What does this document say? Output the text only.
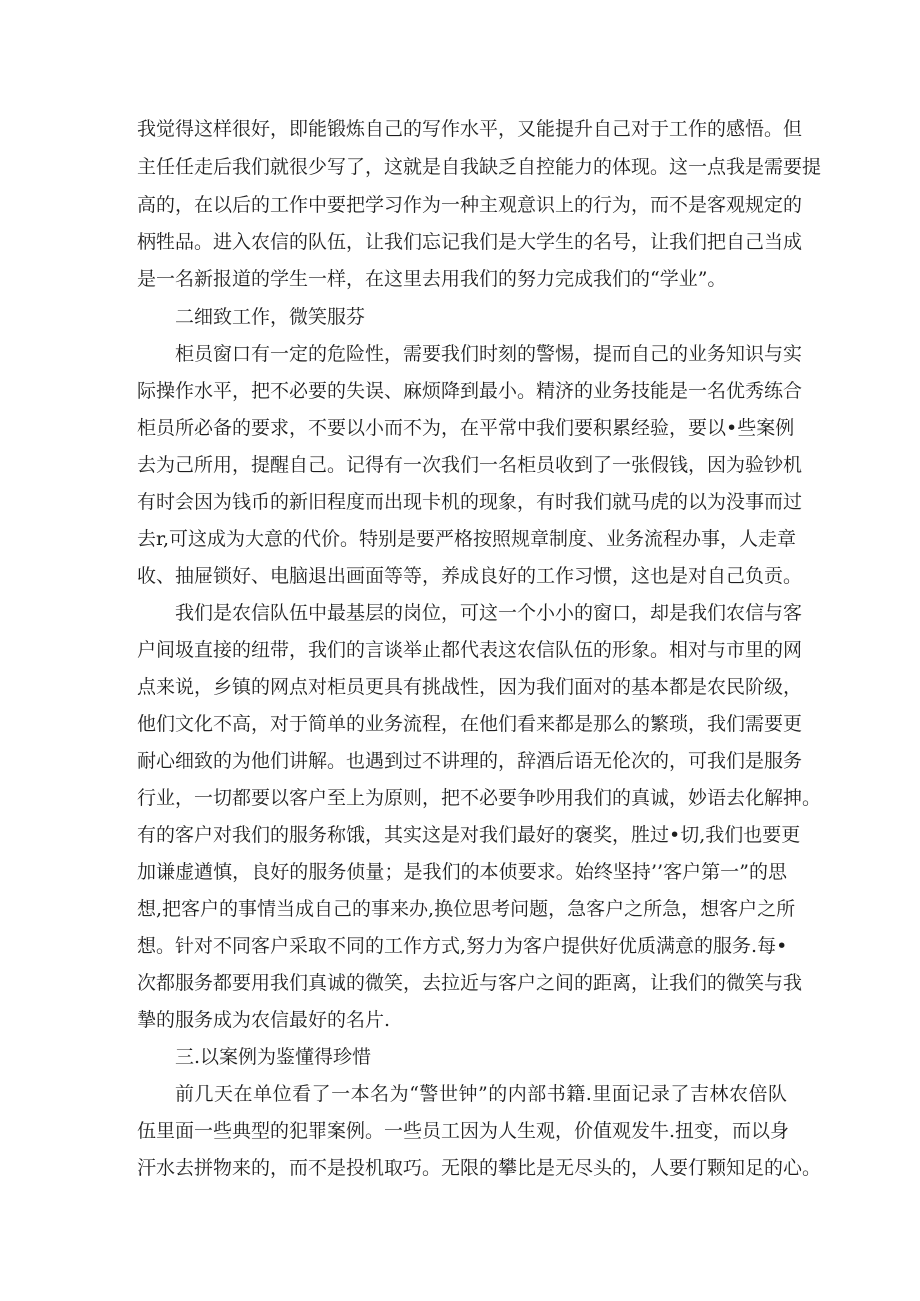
我觉得这样很好，即能锻炼自己的写作水平，又能提升自己对于工作的感悟。但

主任任走后我们就很少写了，这就是自我缺乏自控能力的体现。这一点我是需要提

高的，在以后的工作中要把学习作为一种主观意识上的行为，而不是客观规定的

柄牲品。进入农信的队伍，让我们忘记我们是大学生的名号，让我们把自己当成

是一名新报道的学生一样，在这里去用我们的努力完成我们的“学业”。

二细致工作，微笑服芬

柜员窗口有一定的危险性，需要我们时刻的警惕，提而自己的业务知识与实

际操作水平，把不必要的失误、麻烦降到最小。精济的业务技能是一名优秀练合

柜员所必备的要求，不要以小而不为，在平常中我们要积累经验，要以•些案例

去为己所用，提醒自己。记得有一次我们一名柜员收到了一张假钱，因为验钞机

有时会因为钱币的新旧程度而出现卡机的现象，有时我们就马虎的以为没事而过

去r,可这成为大意的代价。特别是要严格按照规章制度、业务流程办事，人走章

收、抽屉锁好、电脑退出画面等等，养成良好的工作习惯，这也是对自己负贡。

我们是农信队伍中最基层的岗位，可这一个小小的窗口，却是我们农信与客

户间圾直接的纽带，我们的言谈举止都代表这农信队伍的形象。相对与市里的网

点来说，乡镇的网点对柜员更具有挑战性，因为我们面对的基本都是农民阶级，

他们文化不高，对于简单的业务流程，在他们看来都是那么的繁琐，我们需要更

耐心细致的为他们讲解。也遇到过不讲理的，辞酒后语无伦次的，可我们是服务

行业，一切都要以客户至上为原则，把不必要争吵用我们的真诚，妙语去化解抻。

有的客户对我们的服务称饿，其实这是对我们最好的褒奖，胜过•切,我们也要更

加谦虚遒慎，良好的服务侦量；是我们的本侦要求。始终坚持’’客户第一”的思

想,把客户的事情当成自己的事来办,换位思考问题，急客户之所急，想客户之所

想。针对不同客户采取不同的工作方式,努力为客户提供好优质满意的服务.每•

次都服务都要用我们真诚的微笑，去拉近与客户之间的距离，让我们的微笑与我

摯的服务成为农信最好的名片.

三.以案例为鉴懂得珍惜

前几天在单位看了一本名为“警世钟”的内部书籍.里面记录了吉林农倍队

伍里面一些典型的犯罪案例。一些员工因为人生观，价值观发牛.扭变，而以身

汗水去拼物来的，而不是投机取巧。无限的攀比是无尽头的，人要仃颗知足的心。
